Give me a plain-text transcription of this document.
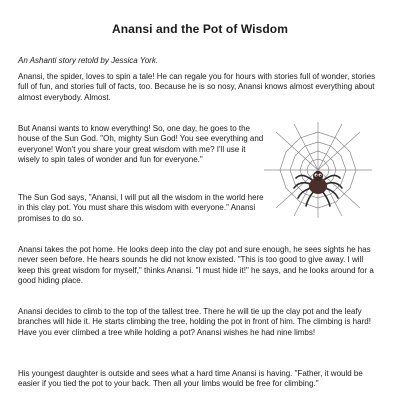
Anansi and the Pot of Wisdom

An Ashanti story retold by Jessica York.

Anansi, the spider, loves to spin a tale! He can regale you for hours with stories full of wonder, stories full of fun, and stories full of facts, too. Because he is so nosy, Anansi knows almost everything about almost everybody. Almost.

But Anansi wants to know everything! So, one day, he goes to the house of the Sun God. "Oh, mighty Sun God! You see everything and everyone! Won't you share your great wisdom with me? I'll use it wisely to spin tales of wonder and fun for everyone."

The Sun God says, "Anansi, I will put all the wisdom in the world here in this clay pot. You must share this wisdom with everyone." Anansi promises to do so.

Anansi takes the pot home. He looks deep into the clay pot and sure enough, he sees sights he has never seen before. He hears sounds he did not know existed. "This is too good to give away. I will keep this great wisdom for myself," thinks Anansi. "I must hide it!" he says, and he looks around for a good hiding place.

Anansi decides to climb to the top of the tallest tree. There he will tie up the clay pot and the leafy branches will hide it. He starts climbing the tree, holding the pot in front of him. The climbing is hard! Have you ever climbed a tree while holding a pot? Anansi wishes he had nine limbs!

His youngest daughter is outside and sees what a hard time Anansi is having. "Father, it would be easier if you tied the pot to your back. Then all your limbs would be free for climbing."
